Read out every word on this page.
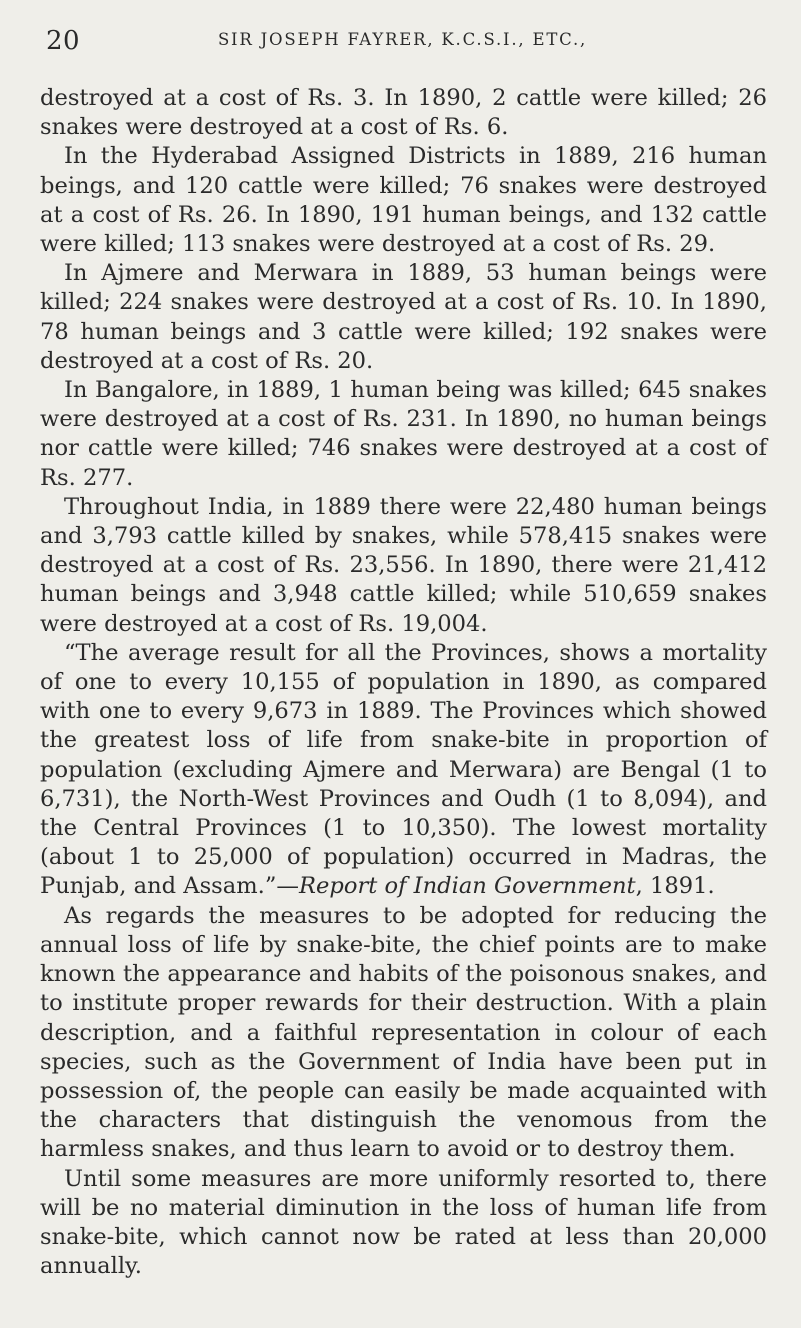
20	SIR JOSEPH FAYRER, K.C.S.I., ETC.,

destroyed at a cost of Rs. 3. In 1890, 2 cattle were killed; 26 snakes were destroyed at a cost of Rs. 6.

In the Hyderabad Assigned Districts in 1889, 216 human beings, and 120 cattle were killed; 76 snakes were destroyed at a cost of Rs. 26. In 1890, 191 human beings, and 132 cattle were killed; 113 snakes were destroyed at a cost of Rs. 29.

In Ajmere and Merwara in 1889, 53 human beings were killed; 224 snakes were destroyed at a cost of Rs. 10. In 1890, 78 human beings and 3 cattle were killed; 192 snakes were destroyed at a cost of Rs. 20.

In Bangalore, in 1889, 1 human being was killed; 645 snakes were destroyed at a cost of Rs. 231. In 1890, no human beings nor cattle were killed; 746 snakes were destroyed at a cost of Rs. 277.

Throughout India, in 1889 there were 22,480 human beings and 3,793 cattle killed by snakes, while 578,415 snakes were destroyed at a cost of Rs. 23,556. In 1890, there were 21,412 human beings and 3,948 cattle killed; while 510,659 snakes were destroyed at a cost of Rs. 19,004.

“The average result for all the Provinces, shows a mortality of one to every 10,155 of population in 1890, as compared with one to every 9,673 in 1889. The Provinces which showed the greatest loss of life from snake-bite in proportion of population (excluding Ajmere and Merwara) are Bengal (1 to 6,731), the North-West Provinces and Oudh (1 to 8,094), and the Central Provinces (1 to 10,350). The lowest mortality (about 1 to 25,000 of population) occurred in Madras, the Punjab, and Assam.”—Report of Indian Government, 1891.

As regards the measures to be adopted for reducing the annual loss of life by snake-bite, the chief points are to make known the appearance and habits of the poisonous snakes, and to institute proper rewards for their destruction. With a plain description, and a faithful representation in colour of each species, such as the Government of India have been put in possession of, the people can easily be made acquainted with the characters that distinguish the venomous from the harmless snakes, and thus learn to avoid or to destroy them.

Until some measures are more uniformly resorted to, there will be no material diminution in the loss of human life from snake-bite, which cannot now be rated at less than 20,000 annually.
